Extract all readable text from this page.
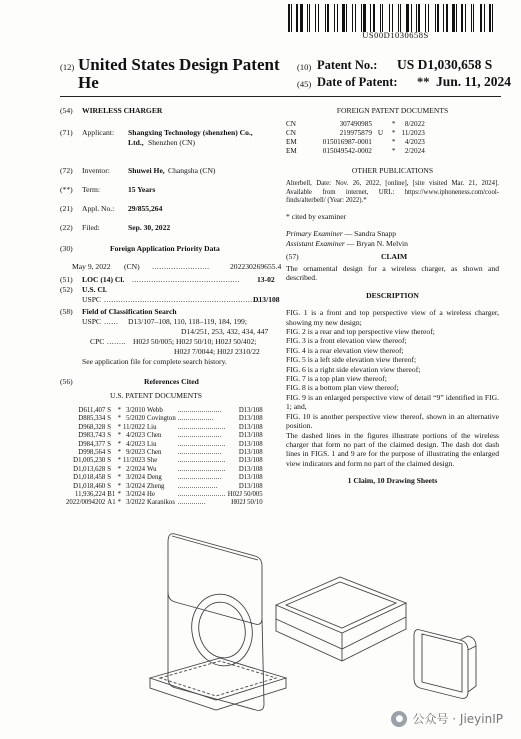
US00D1030658S
(12) United States Design Patent (10) Patent No.: US D1,030,658 S
He	(45) Date of Patent: ** Jun. 11, 2024
(54) WIRELESS CHARGER
(71) Applicant: Shangxing Technology (shenzhen) Co.,
Ltd., Shenzhen (CN)
(72) Inventor: Shuwei He, Changsha (CN)
(**) Term:	15 Years
(21) Appl. No.: 29/855,264
(22) Filed:	Sep. 30, 2022
(30)	Foreign Application Priority Data
May 9, 2022 (CN) ........................	202230269655.4
(51) LOC (14) Cl. ............................................. 13-02
(52) U.S. Cl.
USPC .................................................................
D13/108
(58) Field of Classification Search
USPC ...... D13/107–108, 110, 118–119, 184, 199;
D14/251, 253, 432, 434, 447
CPC ........ H02J 50/005; H02J 50/10; H02J 50/402;
H02J 7/0044; H02J 2310/22
See application file for complete search history.
(56)	References Cited
U.S. PATENT DOCUMENTS
D611,407	S	*	3/2010	Webb	......................	D13/108
D885,334	S	*	5/2020	Covington	..................	D13/108
D968,328	S	*	11/2022	Liu	........................	D13/108
D983,743	S	*	4/2023	Chen	......................	D13/108
D984,377	S	*	4/2023	Liu	........................	D13/108
D998,564	S	*	9/2023	Chen	......................	D13/108
D1,005,230	S	*	11/2023	She	........................	D13/108
D1,013,628	S	*	2/2024	Wu	........................	D13/108
D1,018,458	S	*	3/2024	Deng	......................	D13/108
D1,018,460	S	*	3/2024	Zheng	....................	D13/108
11,936,224	B1	*	3/2024	He	........................	H02J 50/005
2022/0094202	A1	*	3/2022	Karanikos	..............	H02J 50/10
FOREIGN PATENT DOCUMENTS
CN	307490985		*	8/2022
CN	219975879	U	*	11/2023
EM	015016987-0001		*	4/2023
EM	015049542-0002		*	2/2024
OTHER PUBLICATIONS
Alterbell, Date: Nov. 26, 2022, [online], [site visited Mar. 21, 2024]. Available from internet, URL: https://www.iphoneness.com/cool-finds/alterbell/ (Year: 2022).*
* cited by examiner
Primary Examiner — Sandra Snapp
Assistant Examiner — Bryan N. Melvin
(57)	CLAIM
The ornamental design for a wireless charger, as shown and described.
DESCRIPTION
FIG. 1 is a front and top perspective view of a wireless charger, showing my new design;
FIG. 2 is a rear and top perspective view thereof;
FIG. 3 is a front elevation view thereof;
FIG. 4 is a rear elevation view thereof;
FIG. 5 is a left side elevation view thereof;
FIG. 6 is a right side elevation view thereof;
FIG. 7 is a top plan view thereof;
FIG. 8 is a bottom plan view thereof;
FIG. 9 is an enlarged perspective view of detail “9” identified in FIG. 1; and,
FIG. 10 is another perspective view thereof, shown in an alternative position.
The dashed lines in the figures illustrate portions of the wireless charger that form no part of the claimed design. The dash dot dash lines in FIGS. 1 and 9 are for the purpose of illustrating the enlarged view indicators and form no part of the claimed design.
1 Claim, 10 Drawing Sheets
● 公众号 · JieyinIP
